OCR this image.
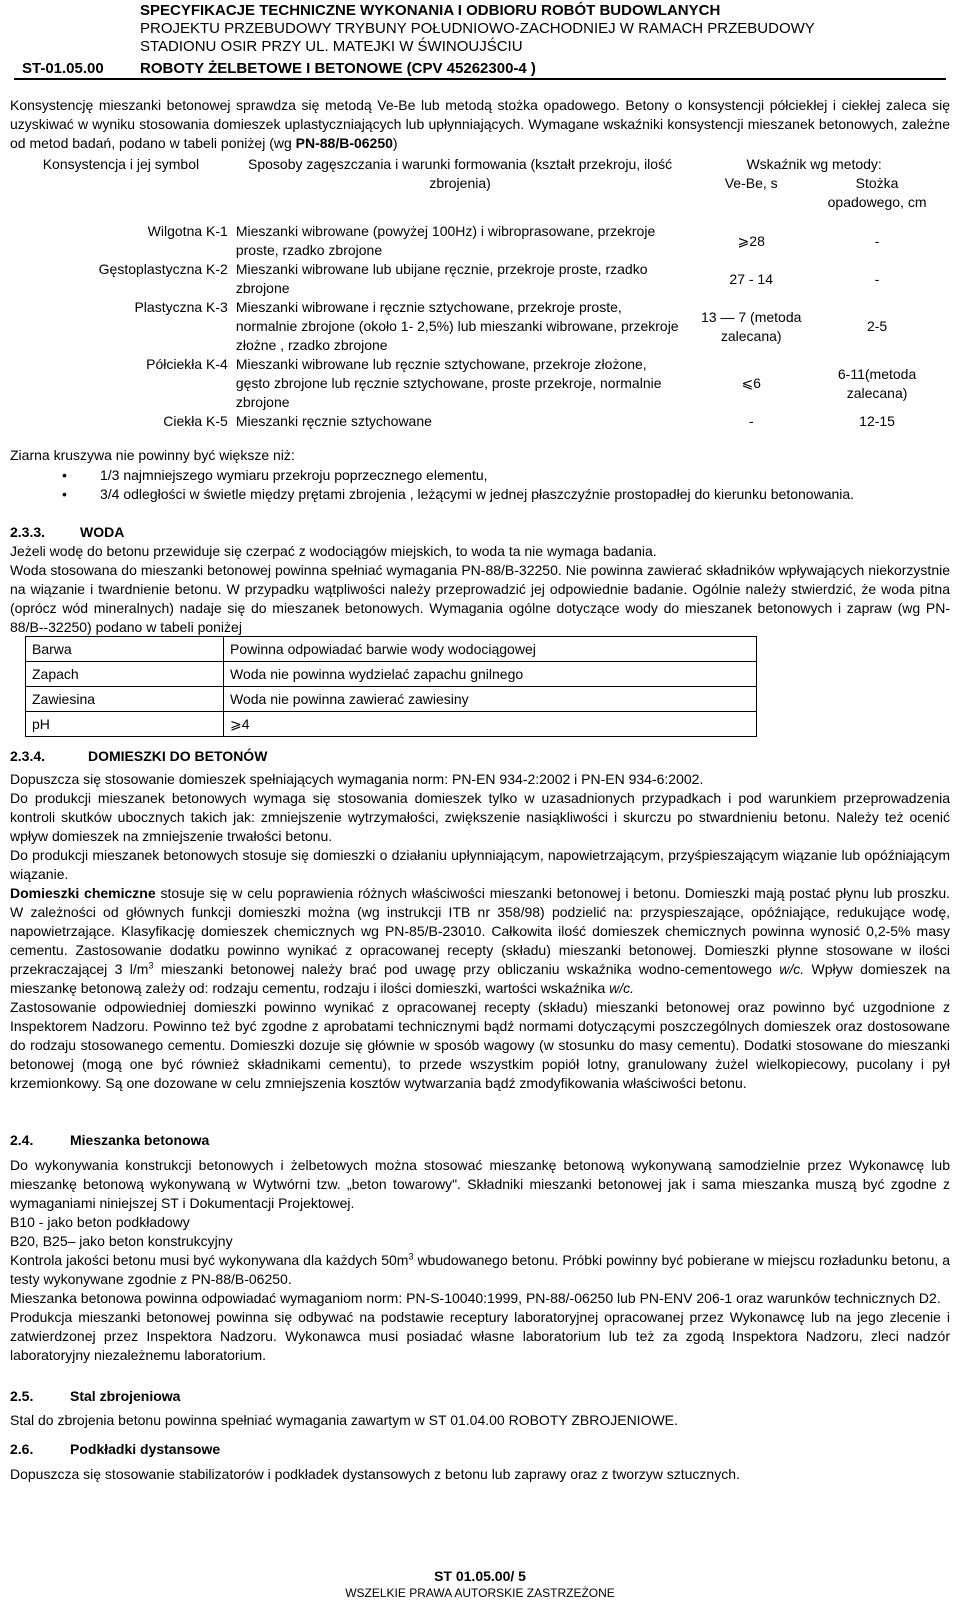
SPECYFIKACJE TECHNICZNE WYKONANIA I ODBIORU ROBÓT BUDOWLANYCH
PROJEKTU PRZEBUDOWY TRYBUNY POŁUDNIOWO-ZACHODNIEJ W RAMACH PRZEBUDOWY
STADIONU OSIR PRZY UL. MATEJKI W ŚWINOUJŚCIU
ST-01.05.00 ROBOTY ŻELBETOWE I BETONOWE (CPV 45262300-4 )

Konsystencję mieszanki betonowej sprawdza się metodą Ve-Be lub metodą stożka opadowego. Betony o konsystencji półciekłej i ciekłej zaleca się uzyskiwać w wyniku stosowania domieszek uplastyczniających lub upłynniających. Wymagane wskaźniki konsystencji mieszanek betonowych, zależne od metod badań, podano w tabeli poniżej (wg PN-88/B-06250)

Konsystencja i jej symbol	Sposoby zagęszczania i warunki formowania (kształt przekroju, ilość zbrojenia)	Wskaźnik wg metody:	
		Ve-Be, s	Stożka opadowego, cm

Wilgotna K-1	Mieszanki wibrowane (powyżej 100Hz) i wibroprasowane, przekroje proste, rzadko zbrojone	⩾28	-
Gęstoplastyczna K-2	Mieszanki wibrowane lub ubijane ręcznie, przekroje proste, rzadko zbrojone	27 - 14	-
Plastyczna K-3	Mieszanki wibrowane i ręcznie sztychowane, przekroje proste, normalnie zbrojone (około 1- 2,5%) lub mieszanki wibrowane, przekroje złożne , rzadko zbrojone	13 — 7 (metoda zalecana)	2-5
Półciekła K-4	Mieszanki wibrowane lub ręcznie sztychowane, przekroje złożone, gęsto zbrojone lub ręcznie sztychowane, proste przekroje, normalnie zbrojone	⩽6	6-11(metoda zalecana)
Ciekła K-5	Mieszanki ręcznie sztychowane	-	12-15
Ziarna kruszywa nie powinny być większe niż:
• 1/3 najmniejszego wymiaru przekroju poprzecznego elementu,
• 3/4 odległości w świetle między prętami zbrojenia , leżącymi w jednej płaszczyźnie prostopadłej do kierunku betonowania.
2.3.3. WODA

Jeżeli wodę do betonu przewiduje się czerpać z wodociągów miejskich, to woda ta nie wymaga badania.

Woda stosowana do mieszanki betonowej powinna spełniać wymagania PN-88/B-32250. Nie powinna zawierać składników wpływających niekorzystnie na wiązanie i twardnienie betonu. W przypadku wątpliwości należy przeprowadzić jej odpowiednie badanie. Ogólnie należy stwierdzić, że woda pitna (oprócz wód mineralnych) nadaje się do mieszanek betonowych. Wymagania ogólne dotyczące wody do mieszanek betonowych i zapraw (wg PN-88/B--32250) podano w tabeli poniżej

Barwa	Powinna odpowiadać barwie wody wodociągowej
Zapach	Woda nie powinna wydzielać zapachu gnilnego
Zawiesina	Woda nie powinna zawierać zawiesiny
pH	⩾4
2.3.4.	DOMIESZKI DO BETONÓW

Dopuszcza się stosowanie domieszek spełniających wymagania norm: PN-EN 934-2:2002 i PN-EN 934-6:2002.

Do produkcji mieszanek betonowych wymaga się stosowania domieszek tylko w uzasadnionych przypadkach i pod warunkiem przeprowadzenia kontroli skutków ubocznych takich jak: zmniejszenie wytrzymałości, zwiększenie nasiąkliwości i skurczu po stwardnieniu betonu. Należy też ocenić wpływ domieszek na zmniejszenie trwałości betonu.

Do produkcji mieszanek betonowych stosuje się domieszki o działaniu upłynniającym, napowietrzającym, przyśpieszającym wiązanie lub opóźniającym wiązanie.

Domieszki chemiczne stosuje się w celu poprawienia różnych właściwości mieszanki betonowej i betonu. Domieszki mają postać płynu lub proszku. W zależności od głównych funkcji domieszki można (wg instrukcji ITB nr 358/98) podzielić na: przyspieszające, opóźniające, redukujące wodę, napowietrzające. Klasyfikację domieszek chemicznych wg PN-85/B-23010. Całkowita ilość domieszek chemicznych powinna wynosić 0,2-5% masy cementu. Zastosowanie dodatku powinno wynikać z opracowanej recepty (składu) mieszanki betonowej. Domieszki płynne stosowane w ilości przekraczającej 3 $l/m^3$ mieszanki betonowej należy brać pod uwagę przy obliczaniu wskaźnika wodno-cementowego w/c. Wpływ domieszek na mieszankę betonową zależy od: rodzaju cementu, rodzaju i ilości domieszki, wartości wskaźnika w/c.

Zastosowanie odpowiedniej domieszki powinno wynikać z opracowanej recepty (składu) mieszanki betonowej oraz powinno być uzgodnione z Inspektorem Nadzoru. Powinno też być zgodne z aprobatami technicznymi bądź normami dotyczącymi poszczególnych domieszek oraz dostosowane do rodzaju stosowanego cementu. Domieszki dozuje się głównie w sposób wagowy (w stosunku do masy cementu). Dodatki stosowane do mieszanki betonowej (mogą one być również składnikami cementu), to przede wszystkim popiół lotny, granulowany żużel wielkopiecowy, pucolany i pył krzemionkowy. Są one dozowane w celu zmniejszenia kosztów wytwarzania bądź zmodyfikowania właściwości betonu.

2.4.	Mieszanka betonowa

Do wykonywania konstrukcji betonowych i żelbetowych można stosować mieszankę betonową wykonywaną samodzielnie przez Wykonawcę lub mieszankę betonową wykonywaną w Wytwórni tzw. „beton towarowy". Składniki mieszanki betonowej jak i sama mieszanka muszą być zgodne z wymaganiami niniejszej ST i Dokumentacji Projektowej.

B10 - jako beton podkładowy

B20, B25– jako beton konstrukcyjny

Kontrola jakości betonu musi być wykonywana dla każdych $50m^3$ wbudowanego betonu. Próbki powinny być pobierane w miejscu rozładunku betonu, a testy wykonywane zgodnie z PN-88/B-06250.

Mieszanka betonowa powinna odpowiadać wymaganiom norm: PN-S-10040:1999, PN-88/-06250 lub PN-ENV 206-1 oraz warunków technicznych D2.

Produkcja mieszanki betonowej powinna się odbywać na podstawie receptury laboratoryjnej opracowanej przez Wykonawcę lub na jego zlecenie i zatwierdzonej przez Inspektora Nadzoru. Wykonawca musi posiadać własne laboratorium lub też za zgodą Inspektora Nadzoru, zleci nadzór laboratoryjny niezależnemu laboratorium.

2.5.	Stal zbrojeniowa
Stal do zbrojenia betonu powinna spełniać wymagania zawartym w ST 01.04.00 ROBOTY ZBROJENIOWE.
2.6.	Podkładki dystansowe
Dopuszcza się stosowanie stabilizatorów i podkładek dystansowych z betonu lub zaprawy oraz z tworzyw sztucznych.
ST 01.05.00/ 5
WSZELKIE PRAWA AUTORSKIE ZASTRZEŻONE
